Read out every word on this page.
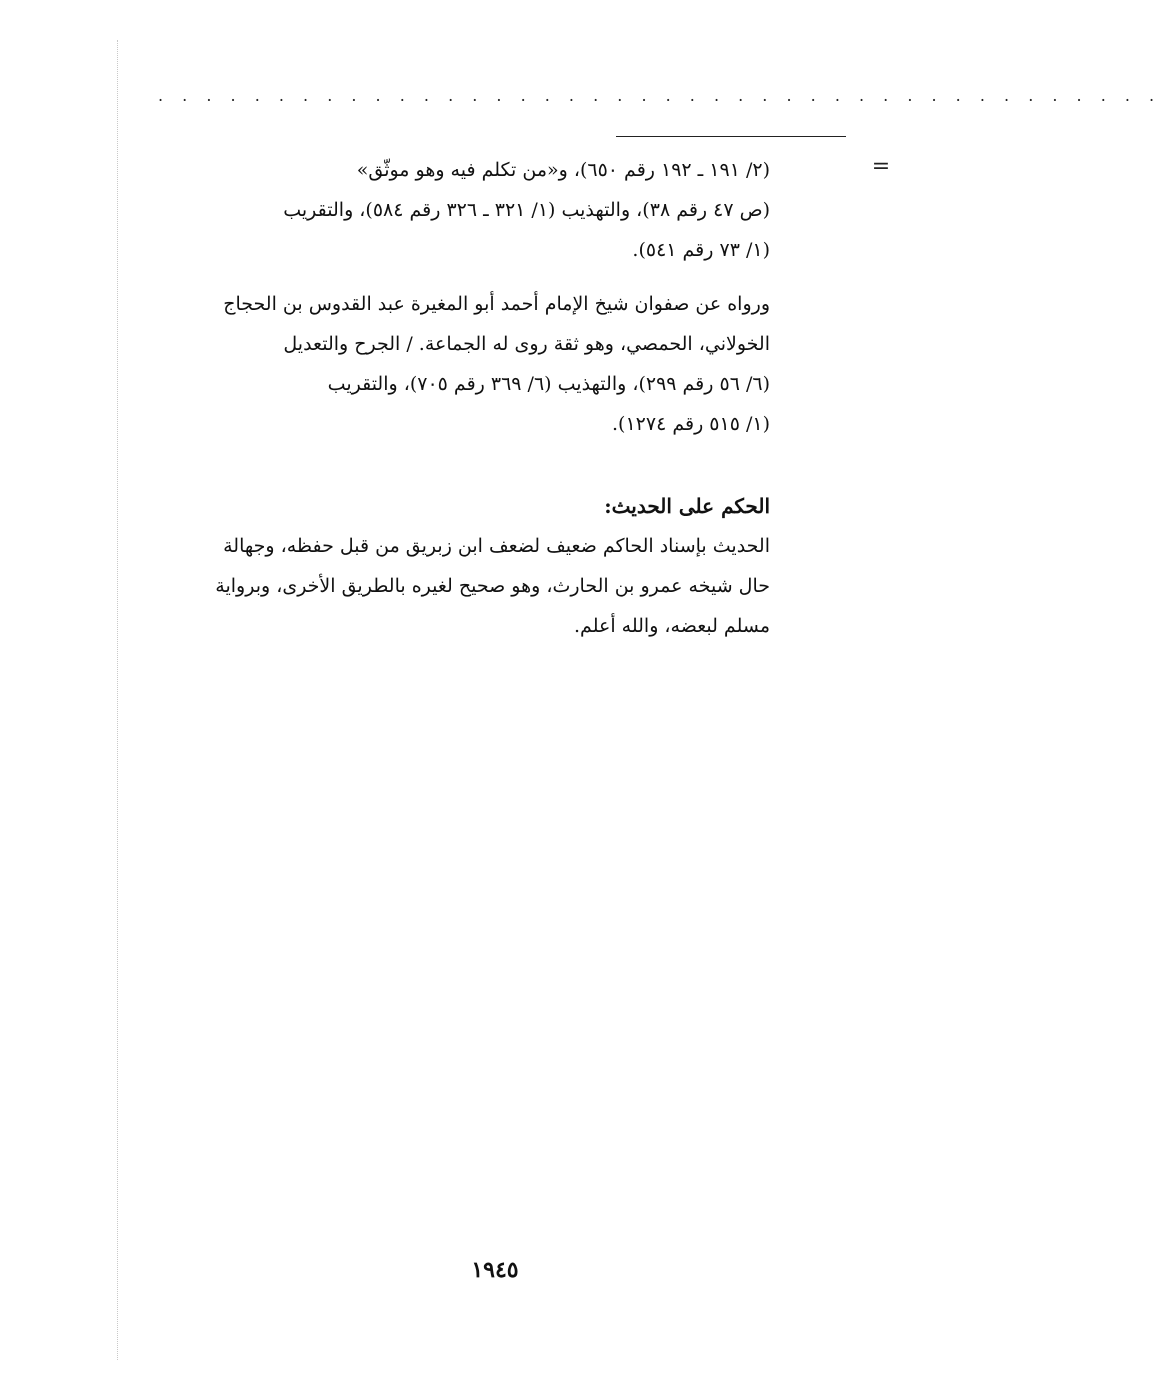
. . . . . . . . . . . . . . . . . . . . . . . . . . . . . . . . . . . . . . . . . .
=
(٢/ ١٩١ ـ ١٩٢ رقم ٦٥٠)، و«من تكلم فيه وهو موثّق»
(ص ٤٧ رقم ٣٨)، والتهذيب (١/ ٣٢١ ـ ٣٢٦ رقم ٥٨٤)، والتقريب
(١/ ٧٣ رقم ٥٤١).
ورواه عن صفوان شيخ الإمام أحمد أبو المغيرة عبد القدوس بن الحجاج
الخولاني، الحمصي، وهو ثقة روى له الجماعة. / الجرح والتعديل
(٦/ ٥٦ رقم ٢٩٩)، والتهذيب (٦/ ٣٦٩ رقم ٧٠٥)، والتقريب
(١/ ٥١٥ رقم ١٢٧٤).
الحكم على الحديث:
الحديث بإسناد الحاكم ضعيف لضعف ابن زبريق من قبل حفظه، وجهالة
حال شيخه عمرو بن الحارث، وهو صحيح لغيره بالطريق الأخرى، وبرواية
مسلم لبعضه، والله أعلم.
١٩٤٥
